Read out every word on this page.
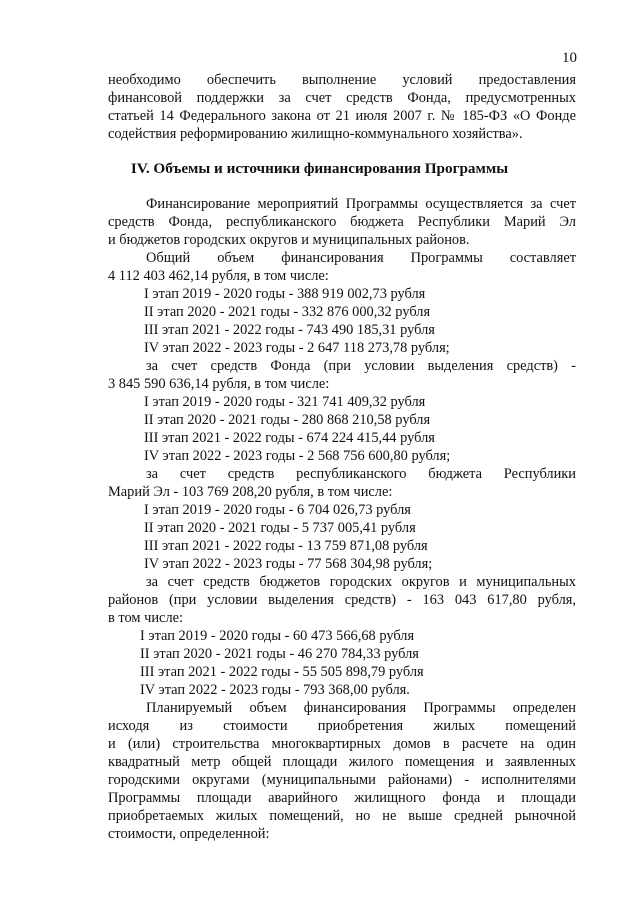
10
необходимо обеспечить выполнение условий предоставления
финансовой поддержки за счет средств Фонда, предусмотренных
статьей 14 Федерального закона от 21 июля 2007 г. № 185-ФЗ «О Фонде
содействия реформированию жилищно-коммунального хозяйства».
IV. Объемы и источники финансирования Программы
Финансирование мероприятий Программы осуществляется за счет
средств Фонда, республиканского бюджета Республики Марий Эл
и бюджетов городских округов и муниципальных районов.
Общий объем финансирования Программы составляет
4 112 403 462,14 рубля, в том числе:
I этап 2019 - 2020 годы - 388 919 002,73 рубля
II этап 2020 - 2021 годы - 332 876 000,32 рубля
III этап 2021 - 2022 годы - 743 490 185,31 рубля
IV этап 2022 - 2023 годы - 2 647 118 273,78 рубля;
за счет средств Фонда (при условии выделения средств) -
3 845 590 636,14 рубля, в том числе:
I этап 2019 - 2020 годы - 321 741 409,32 рубля
II этап 2020 - 2021 годы - 280 868 210,58 рубля
III этап 2021 - 2022 годы - 674 224 415,44 рубля
IV этап 2022 - 2023 годы - 2 568 756 600,80 рубля;
за счет средств республиканского бюджета Республики
Марий Эл - 103 769 208,20 рубля, в том числе:
I этап 2019 - 2020 годы - 6 704 026,73 рубля
II этап 2020 - 2021 годы - 5 737 005,41 рубля
III этап 2021 - 2022 годы - 13 759 871,08 рубля
IV этап 2022 - 2023 годы - 77 568 304,98 рубля;
за счет средств бюджетов городских округов и муниципальных
районов (при условии выделения средств) - 163 043 617,80 рубля,
в том числе:
I этап 2019 - 2020 годы - 60 473 566,68 рубля
II этап 2020 - 2021 годы - 46 270 784,33 рубля
III этап 2021 - 2022 годы - 55 505 898,79 рубля
IV этап 2022 - 2023 годы - 793 368,00 рубля.
Планируемый объем финансирования Программы определен
исходя из стоимости приобретения жилых помещений
и (или) строительства многоквартирных домов в расчете на один
квадратный метр общей площади жилого помещения и заявленных
городскими округами (муниципальными районами) - исполнителями
Программы площади аварийного жилищного фонда и площади
приобретаемых жилых помещений, но не выше средней рыночной
стоимости, определенной:
